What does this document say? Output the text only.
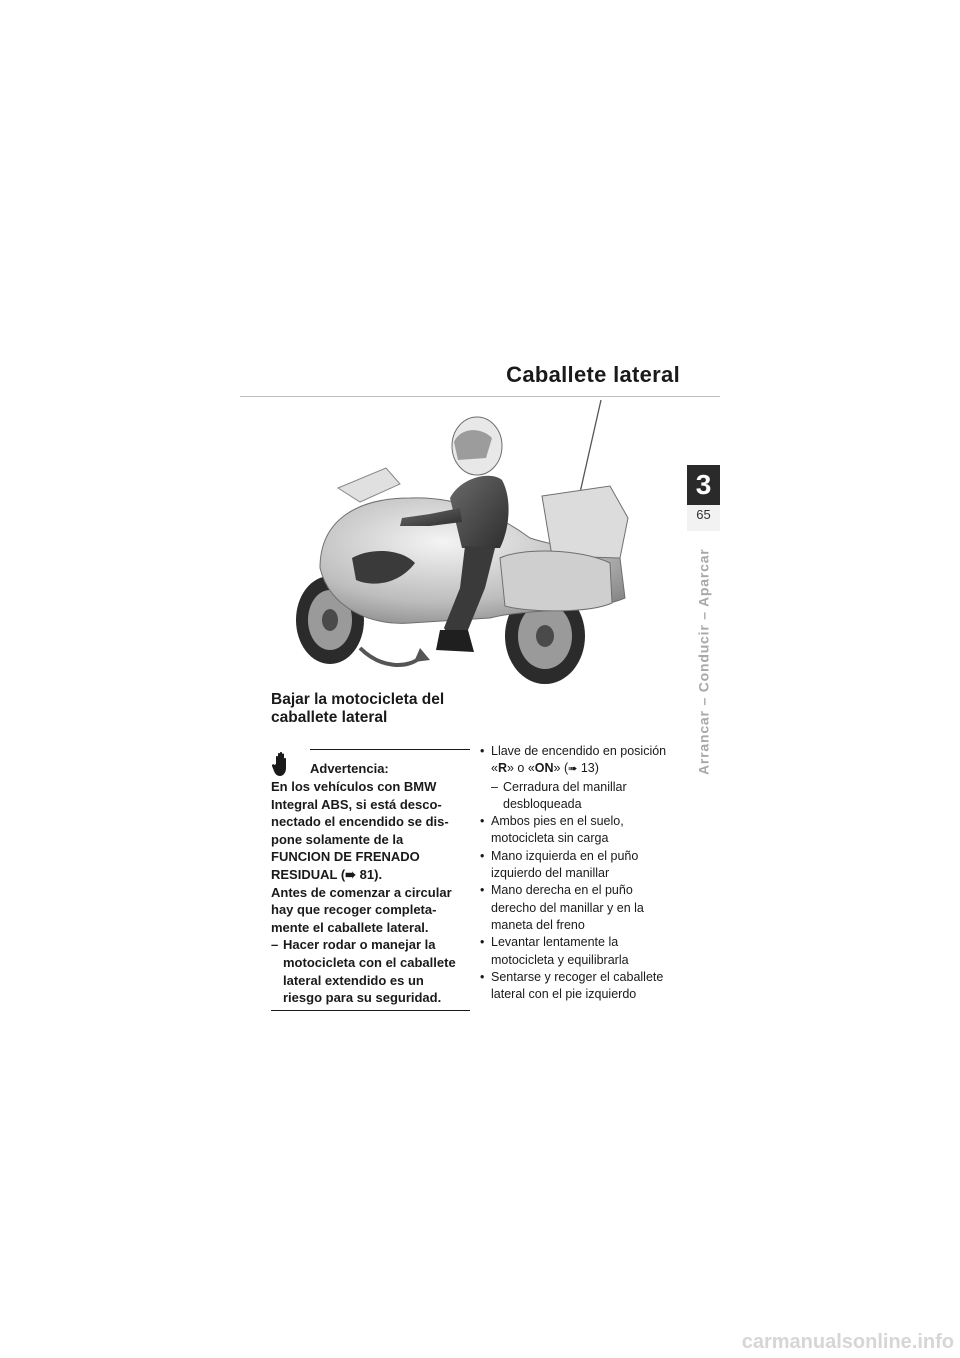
Caballete lateral
3
65
Arrancar – Conducir – Aparcar
Bajar la motocicleta del
caballete lateral
Advertencia:
En los vehículos con BMW
Integral ABS, si está desco-
nectado el encendido se dis-
pone solamente de la
FUNCION DE FRENADO
RESIDUAL (➠ 81).
Antes de comenzar a circular
hay que recoger completa-
mente el caballete lateral.
– Hacer rodar o manejar la
motocicleta con el caballete
lateral extendido es un
riesgo para su seguridad.
• Llave de encendido en posición
«R» o «ON» (➠ 13)
– Cerradura del manillar
desbloqueada
• Ambos pies en el suelo,
motocicleta sin carga
• Mano izquierda en el puño
izquierdo del manillar
• Mano derecha en el puño
derecho del manillar y en la
maneta del freno
• Levantar lentamente la
motocicleta y equilibrarla
• Sentarse y recoger el caballete
lateral con el pie izquierdo
carmanualsonline.info
